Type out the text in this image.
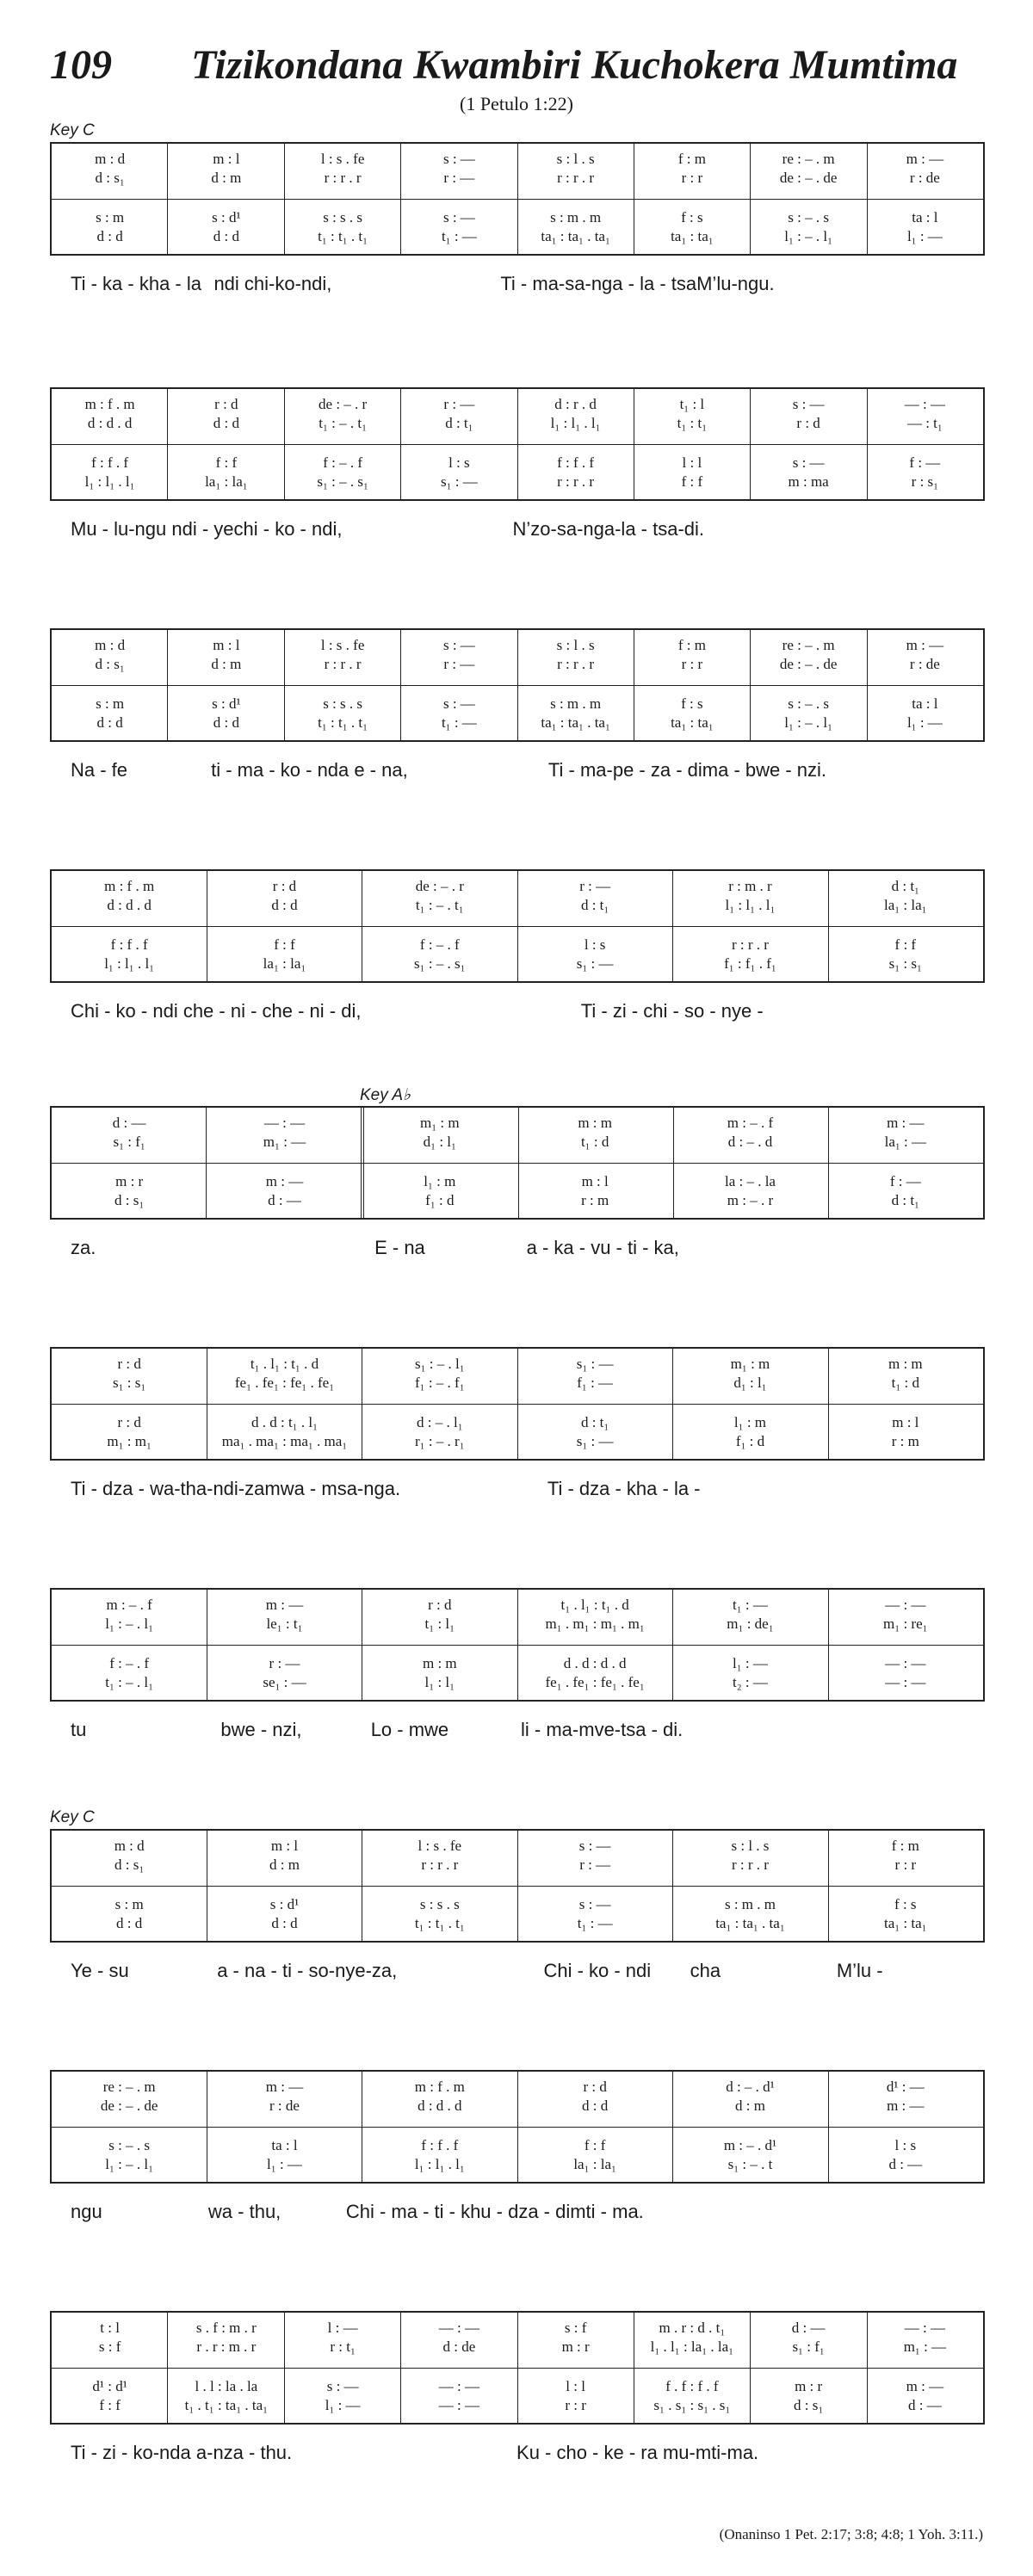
109 Tizikondana Kwambiri Kuchokera Mumtima
(1 Petulo 1:22)
Key C
m : d	m : l	l : s . fe	s : —	s : l . s	f : m	re : – . m	m : —
d : s₁	d : m	r : r . r	r : —	r : r . r	r : r	de : – . de	r : de
s : m	s : d¹	s : s . s	s : —	s : m . m	f : s	s : – . s	ta : l
d : d	d : d	t₁ : t₁ . t₁	t₁ : —	ta₁ : ta₁ . ta₁	ta₁ : ta₁	l₁ : – . l₁	l₁ : —
Ti - ka - kha - la ndi chi-ko-ndi,	Ti - ma-sa-nga - la - tsa M’lu-ngu.
m : f . m	r : d	de : – . r	r : —	d : r . d	t₁ : l	s : —	— : —
d : d . d	d : d	t₁ : – . t₁	d : t₁	l₁ : l₁ . l₁	t₁ : t₁	r : d	— : t₁
f : f . f	f : f	f : – . f	l : s	f : f . f	l : l	s : —	f : —
l₁ : l₁ . l₁	la₁ : la₁	s₁ : – . s₁	s₁ : —	r : r . r	f : f	m : ma	r : s₁
Mu - lu-ngu ndi - ye chi - ko - ndi,	N’zo-sa-nga-la - tsa-di.
m : d	m : l	l : s . fe	s : —	s : l . s	f : m	re : – . m	m : —
d : s₁	d : m	r : r . r	r : —	r : r . r	r : r	de : – . de	r : de
s : m	s : d¹	s : s . s	s : —	s : m . m	f : s	s : – . s	ta : l
d : d	d : d	t₁ : t₁ . t₁	t₁ : —	ta₁ : ta₁ . ta₁	ta₁ : ta₁	l₁ : – . l₁	l₁ : —
Na - fe	ti - ma - ko - nda e - na,	Ti - ma-pe - za - di ma - bwe - nzi.
m : f . m	r : d	de : – . r	r : —	r : m . r	d : t₁
d : d . d	d : d	t₁ : – . t₁	d : t₁	l₁ : l₁ . l₁	la₁ : la₁
f : f . f	f : f	f : – . f	l : s	r : r . r	f : f
l₁ : l₁ . l₁	la₁ : la₁	s₁ : – . s₁	s₁ : —	f₁ : f₁ . f₁	s₁ : s₁
Chi - ko - ndi che - ni - che - ni - di,	Ti - zi - chi - so - nye -
Key A♭
d : —	— : —	m₁ : m	m : m	m : – . f	m : —
s₁ : f₁	m₁ : —	d₁ : l₁	t₁ : d	d : – . d	la₁ : —
m : r	m : —	l₁ : m	m : l	la : – . la	f : —
d : s₁	d : —	f₁ : d	r : m	m : – . r	d : t₁
za.	E - na	a - ka - vu - ti - ka,
r : d	t₁ . l₁ : t₁ . d	s₁ : – . l₁	s₁ : —	m₁ : m	m : m
s₁ : s₁	fe₁ . fe₁ : fe₁ . fe₁	f₁ : – . f₁	f₁ : —	d₁ : l₁	t₁ : d
r : d	d . d : t₁ . l₁	d : – . l₁	d : t₁	l₁ : m	m : l
m₁ : m₁	ma₁ . ma₁ : ma₁ . ma₁	r₁ : – . r₁	s₁ : —	f₁ : d	r : m
Ti - dza - wa-tha-ndi-za mwa - msa-nga.	Ti - dza - kha - la -
m : – . f	m : —	r : d	t₁ . l₁ : t₁ . d	t₁ : —	— : —
l₁ : – . l₁	le₁ : t₁	t₁ : l₁	m₁ . m₁ : m₁ . m₁	m₁ : de₁	m₁ : re₁
f : – . f	r : —	m : m	d . d : d . d	l₁ : —	— : —
t₁ : – . l₁	se₁ : —	l₁ : l₁	fe₁ . fe₁ : fe₁ . fe₁	t₂ : —	— : —
tu	bwe - nzi,	Lo - mwe	li - ma-mve-tsa - di.
Key C
m : d	m : l	l : s . fe	s : —	s : l . s	f : m
d : s₁	d : m	r : r . r	r : —	r : r . r	r : r
s : m	s : d¹	s : s . s	s : —	s : m . m	f : s
d : d	d : d	t₁ : t₁ . t₁	t₁ : —	ta₁ : ta₁ . ta₁	ta₁ : ta₁
Ye - su	a - na - ti - so-nye-za,	Chi - ko - ndi	cha	M’lu -
re : – . m	m : —	m : f . m	r : d	d : – . d¹	d¹ : —
de : – . de	r : de	d : d . d	d : d	d : m	m : —
s : – . s	ta : l	f : f . f	f : f	m : – . d¹	l : s
l₁ : – . l₁	l₁ : —	l₁ : l₁ . l₁	la₁ : la₁	s₁ : – . t	d : —
ngu	wa - thu,	Chi - ma - ti - khu - dza - di mti - ma.
t : l	s . f : m . r	l : —	— : —	s : f	m . r : d . t₁	d : —	— : —
s : f	r . r : m . r	r : t₁	d : de	m : r	l₁ . l₁ : la₁ . la₁	s₁ : f₁	m₁ : —
d¹ : d¹	l . l : la . la	s : —	— : —	l : l	f . f : f . f	m : r	m : —
f : f	t₁ . t₁ : ta₁ . ta₁	l₁ : —	— : —	r : r	s₁ . s₁ : s₁ . s₁	d : s₁	d : —
Ti - zi - ko-nda a-nza - thu.	Ku - cho - ke - ra mu-mti-ma.
(Onaninso 1 Pet. 2:17; 3:8; 4:8; 1 Yoh. 3:11.)
